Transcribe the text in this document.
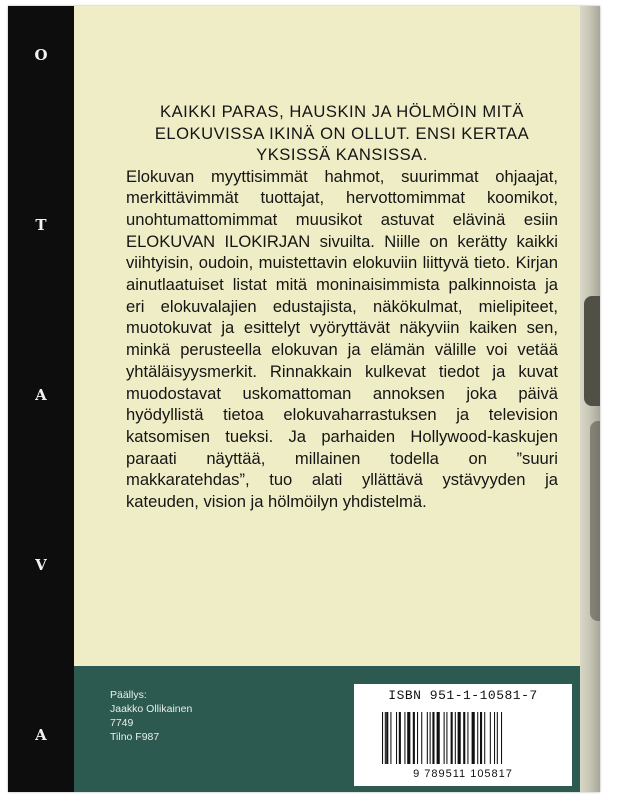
O
T
A
V
A

KAIKKI PARAS, HAUSKIN JA HÖLMÖIN MITÄ ELOKUVISSA IKINÄ ON OLLUT. ENSI KERTAA YKSISSÄ KANSISSA.

Elokuvan myyttisimmät hahmot, suurimmat ohjaajat, merkittävimmät tuottajat, hervottomimmat koomikot, unohtumattomimmat muusikot astuvat elävinä esiin ELOKUVAN ILOKIRJAN sivuilta. Niille on kerätty kaikki viihtyisin, oudoin, muistettavin elokuviin liittyvä tieto. Kirjan ainutlaatuiset listat mitä moninaisimmista palkinnoista ja eri elokuvalajien edustajista, näkökulmat, mielipiteet, muotokuvat ja esittelyt vyöryttävät näkyviin kaiken sen, minkä perusteella elokuvan ja elämän välille voi vetää yhtäläisyysmerkit. Rinnakkain kulkevat tiedot ja kuvat muodostavat uskomattoman annoksen joka päivä hyödyllistä tietoa elokuvaharrastuksen ja television katsomisen tueksi. Ja parhaiden Hollywood-kaskujen paraati näyttää, millainen todella on ”suuri makkaratehdas”, tuo alati yllättävä ystävyyden ja kateuden, vision ja hölmöilyn yhdistelmä.

Päällys:
Jaakko Ollikainen
7749
Tilno F987
ISBN 951-1-10581-7
9 789511 105817
